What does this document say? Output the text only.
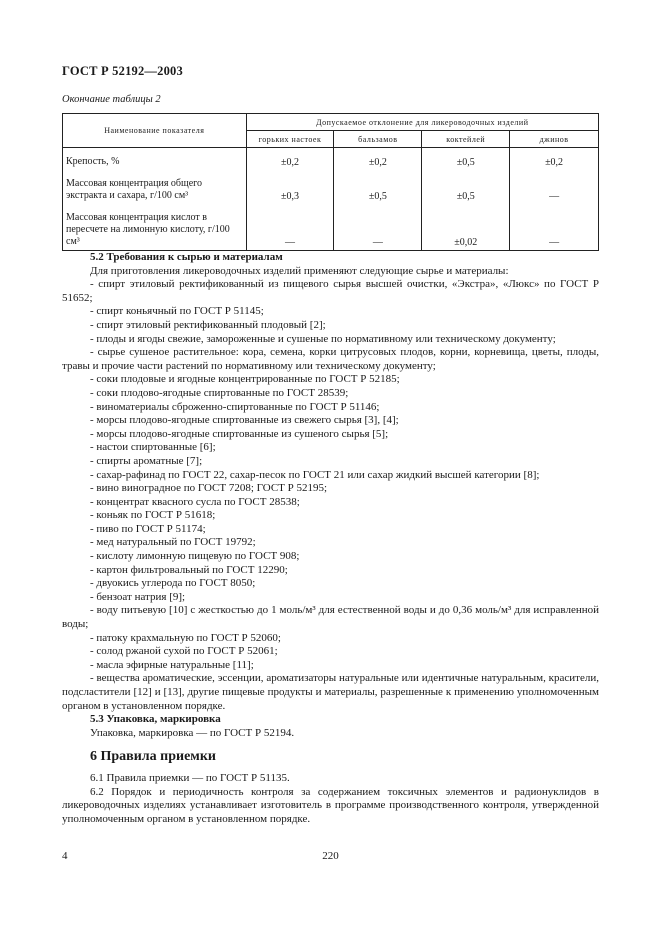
ГОСТ Р 52192—2003
Окончание таблицы 2
Наименование показателя	Допускаемое отклонение для ликероводочных изделий			
	горьких настоек	бальзамов	коктейлей	джинов
Крепость, %	±0,2	±0,2	±0,5	±0,2
Массовая концентрация общего экстракта и сахара, г/100 см³	±0,3	±0,5	±0,5	—
Массовая концентрация кислот в пересчете на лимонную кислоту, г/100 см³	—	—	±0,02	—

5.2 Требования к сырью и материалам

Для приготовления ликероводочных изделий применяют следующие сырье и материалы:

- спирт этиловый ректификованный из пищевого сырья высшей очистки, «Экстра», «Люкс» по ГОСТ Р 51652;

- спирт коньячный по ГОСТ Р 51145;

- спирт этиловый ректификованный плодовый [2];

- плоды и ягоды свежие, замороженные и сушеные по нормативному или техническому документу;

- сырье сушеное растительное: кора, семена, корки цитрусовых плодов, корни, корневища, цветы, плоды, травы и прочие части растений по нормативному или техническому документу;

- соки плодовые и ягодные концентрированные по ГОСТ Р 52185;

- соки плодово-ягодные спиртованные по ГОСТ 28539;

- виноматериалы сброженно-спиртованные по ГОСТ Р 51146;

- морсы плодово-ягодные спиртованные из свежего сырья [3], [4];

- морсы плодово-ягодные спиртованные из сушеного сырья [5];

- настои спиртованные [6];

- спирты ароматные [7];

- сахар-рафинад по ГОСТ 22, сахар-песок по ГОСТ 21 или сахар жидкий высшей категории [8];

- вино виноградное по ГОСТ 7208; ГОСТ Р 52195;

- концентрат квасного сусла по ГОСТ 28538;

- коньяк по ГОСТ Р 51618;

- пиво по ГОСТ Р 51174;

- мед натуральный по ГОСТ 19792;

- кислоту лимонную пищевую по ГОСТ 908;

- картон фильтровальный по ГОСТ 12290;

- двуокись углерода по ГОСТ 8050;

- бензоат натрия [9];

- воду питьевую [10] с жесткостью до 1 моль/м³ для естественной воды и до 0,36 моль/м³ для исправленной воды;

- патоку крахмальную по ГОСТ Р 52060;

- солод ржаной сухой по ГОСТ Р 52061;

- масла эфирные натуральные [11];

- вещества ароматические, эссенции, ароматизаторы натуральные или идентичные натуральным, красители, подсластители [12] и [13], другие пищевые продукты и материалы, разрешенные к применению уполномоченным органом в установленном порядке.

5.3 Упаковка, маркировка

Упаковка, маркировка — по ГОСТ Р 52194.

6 Правила приемки

6.1 Правила приемки — по ГОСТ Р 51135.

6.2 Порядок и периодичность контроля за содержанием токсичных элементов и радионуклидов в ликероводочных изделиях устанавливает изготовитель в программе производственного контроля, утвержденной уполномоченным органом в установленном порядке.

4	220
